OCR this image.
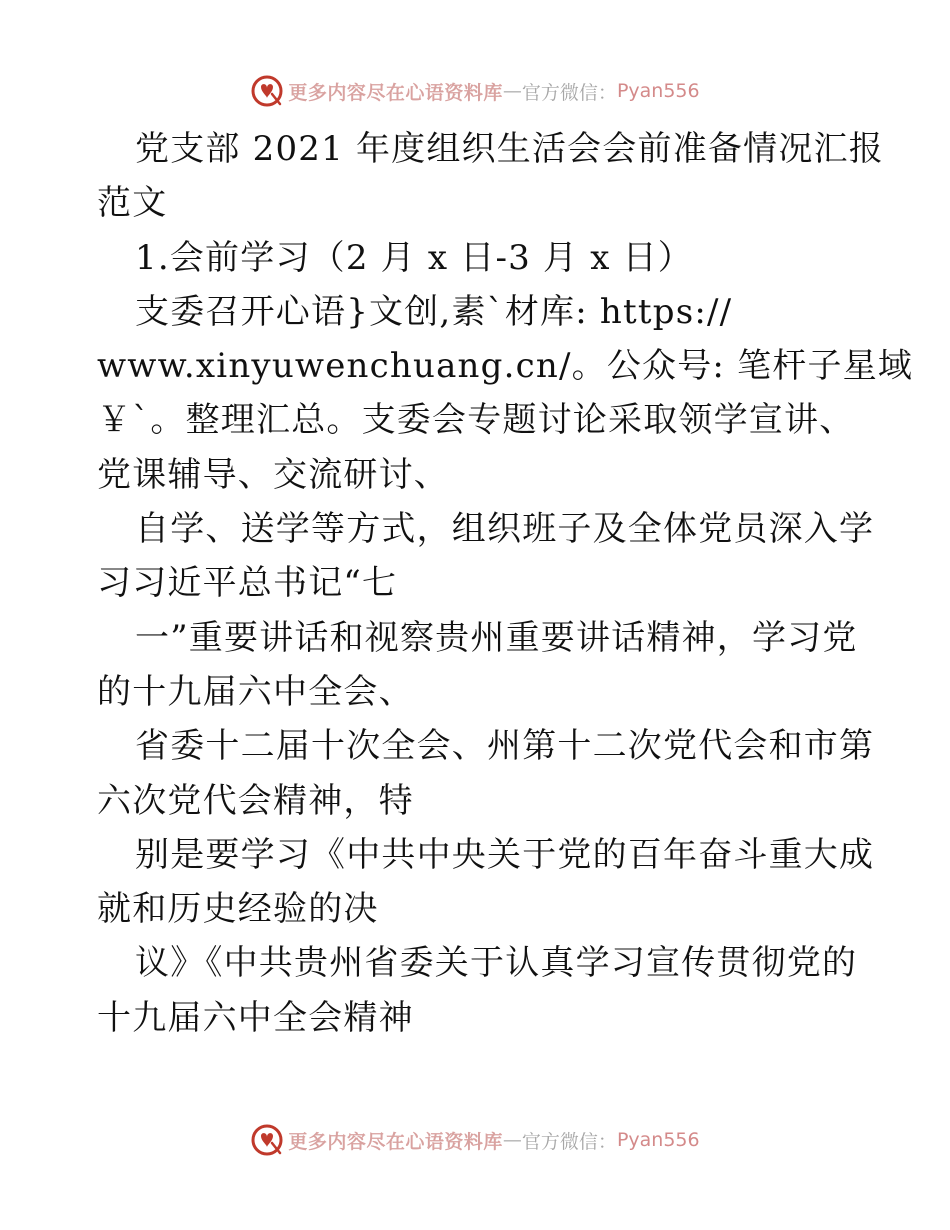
更多内容尽在心语资料库 — 官方微信： Pyan556
党支部 2021 年度组织生活会会前准备情况汇报
范文
1.会前学习（2 月 x 日-3 月 x 日）
支委召开心语}文创,素`材库: https://
www.xinyuwenchuang.cn/。公众号: 笔杆子星域
￥`。整理汇总。支委会专题讨论采取领学宣讲、
党课辅导、交流研讨、
自学、送学等方式，组织班子及全体党员深入学
习习近平总书记“七
一”重要讲话和视察贵州重要讲话精神，学习党
的十九届六中全会、
省委十二届十次全会、州第十二次党代会和市第
六次党代会精神，特
别是要学习《中共中央关于党的百年奋斗重大成
就和历史经验的决
议》《中共贵州省委关于认真学习宣传贯彻党的
十九届六中全会精神
更多内容尽在心语资料库 — 官方微信： Pyan556
